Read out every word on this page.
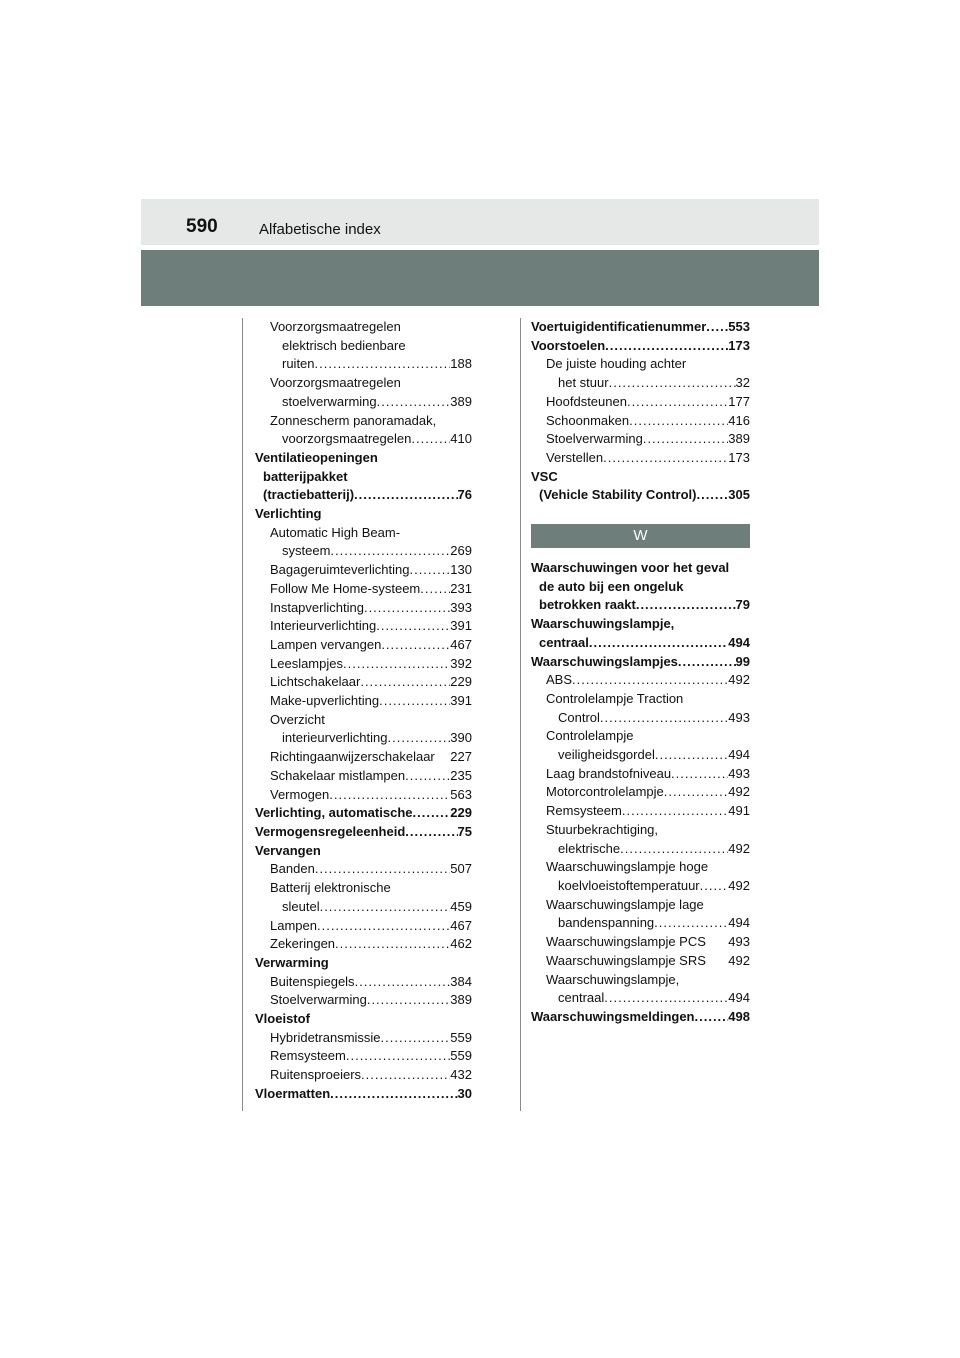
590	Alfabetische index
Voorzorgsmaatregelen
elektrisch bedienbare
ruiten .....	188
Voorzorgsmaatregelen
stoelverwarming .....	389
Zonnescherm panoramadak,
voorzorgsmaatregelen .....	410
Ventilatieopeningen
batterijpakket
(tractiebatterij) .....	76
Verlichting
Automatic High Beam-
systeem .....	269
Bagageruimteverlichting .....	130
Follow Me Home-systeem ..... 231
Instapverlichting .....	393
Interieurverlichting .....	391
Lampen vervangen .....	467
Leeslampjes .....	392
Lichtschakelaar .....	229
Make-upverlichting .....	391
Overzicht
interieurverlichting .....	390
Richtingaanwijzerschakelaar	227
Schakelaar mistlampen .....	235
Vermogen .....	563
Verlichting, automatische .....	229
Vermogensregeleenheid .....	75
Vervangen
Banden .....	507
Batterij elektronische
sleutel .....	459
Lampen .....	467
Zekeringen .....	462
Verwarming
Buitenspiegels .....	384
Stoelverwarming .....	389
Vloeistof
Hybridetransmissie .....	559
Remsysteem .....	559
Ruitensproeiers .....	432
Vloermatten .....	30
Voertuigidentificatienummer ..... 553
Voorstoelen .....	173
De juiste houding achter
het stuur .....	32
Hoofdsteunen .....	177
Schoonmaken .....	416
Stoelverwarming .....	389
Verstellen .....	173
VSC
(Vehicle Stability Control) ..... 305
W
Waarschuwingen voor het geval
de auto bij een ongeluk
betrokken raakt .....	79
Waarschuwingslampje,
centraal .....	494
Waarschuwingslampjes .....	99
ABS .....	492
Controlelampje Traction
Control .....	493
Controlelampje
veiligheidsgordel .....	494
Laag brandstofniveau .....	493
Motorcontrolelampje .....	492
Remsysteem .....	491
Stuurbekrachtiging,
elektrische .....	492
Waarschuwingslampje hoge
koelvloeistoftemperatuur ..... 492
Waarschuwingslampje lage
bandenspanning .....	494
Waarschuwingslampje PCS	493
Waarschuwingslampje SRS	492
Waarschuwingslampje,
centraal .....	494
Waarschuwingsmeldingen .....	498
